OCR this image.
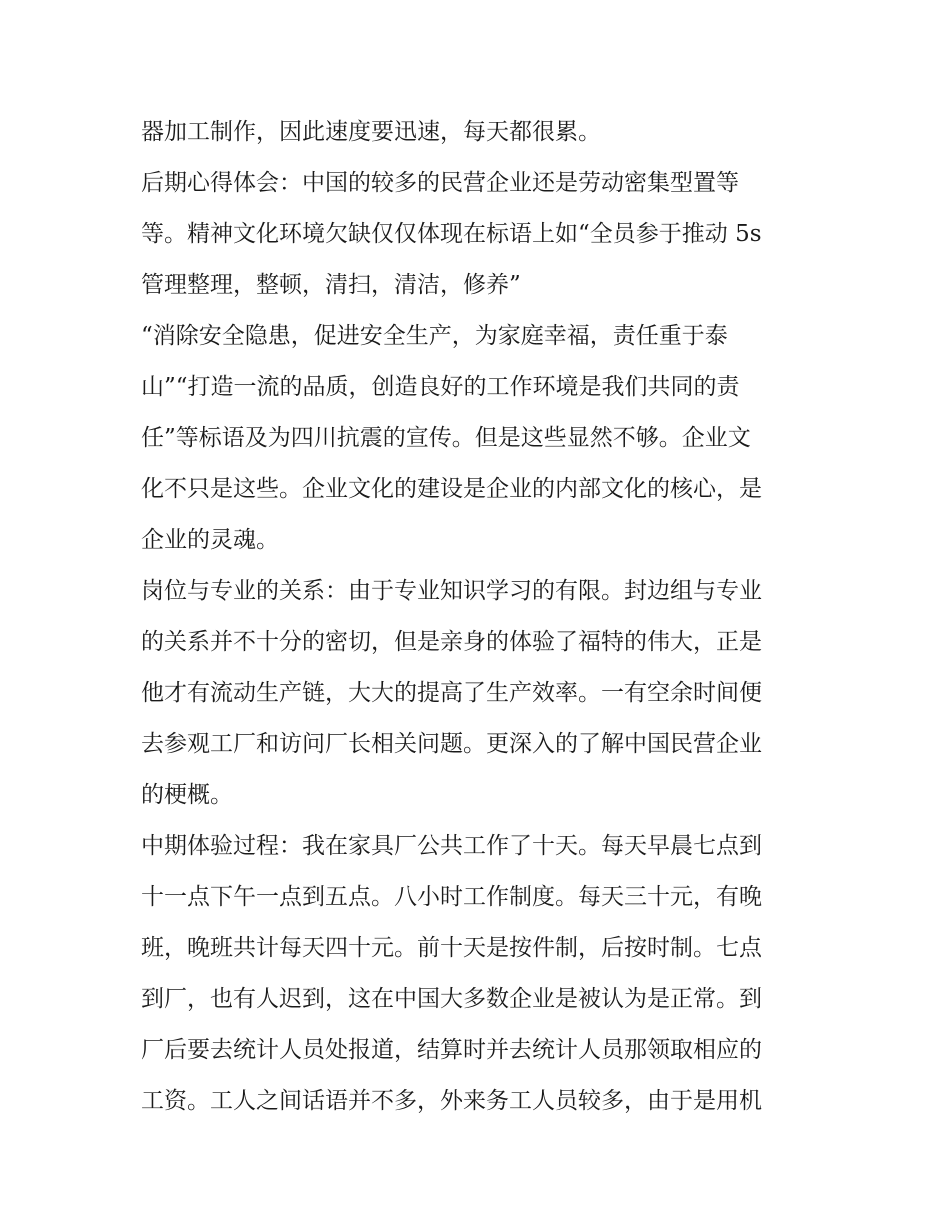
器加工制作，因此速度要迅速，每天都很累。
后期心得体会：中国的较多的民营企业还是劳动密集型置等
等。精神文化环境欠缺仅仅体现在标语上如“全员参于推动 5s
管理整理，整顿，清扫，清洁，修养”
“消除安全隐患，促进安全生产，为家庭幸福，责任重于泰
山”“打造一流的品质，创造良好的工作环境是我们共同的责
任”等标语及为四川抗震的宣传。但是这些显然不够。企业文
化不只是这些。企业文化的建设是企业的内部文化的核心，是
企业的灵魂。
岗位与专业的关系：由于专业知识学习的有限。封边组与专业
的关系并不十分的密切，但是亲身的体验了福特的伟大，正是
他才有流动生产链，大大的提高了生产效率。一有空余时间便
去参观工厂和访问厂长相关问题。更深入的了解中国民营企业
的梗概。
中期体验过程：我在家具厂公共工作了十天。每天早晨七点到
十一点下午一点到五点。八小时工作制度。每天三十元，有晚
班，晚班共计每天四十元。前十天是按件制，后按时制。七点
到厂，也有人迟到，这在中国大多数企业是被认为是正常。到
厂后要去统计人员处报道，结算时并去统计人员那领取相应的
工资。工人之间话语并不多，外来务工人员较多，由于是用机
